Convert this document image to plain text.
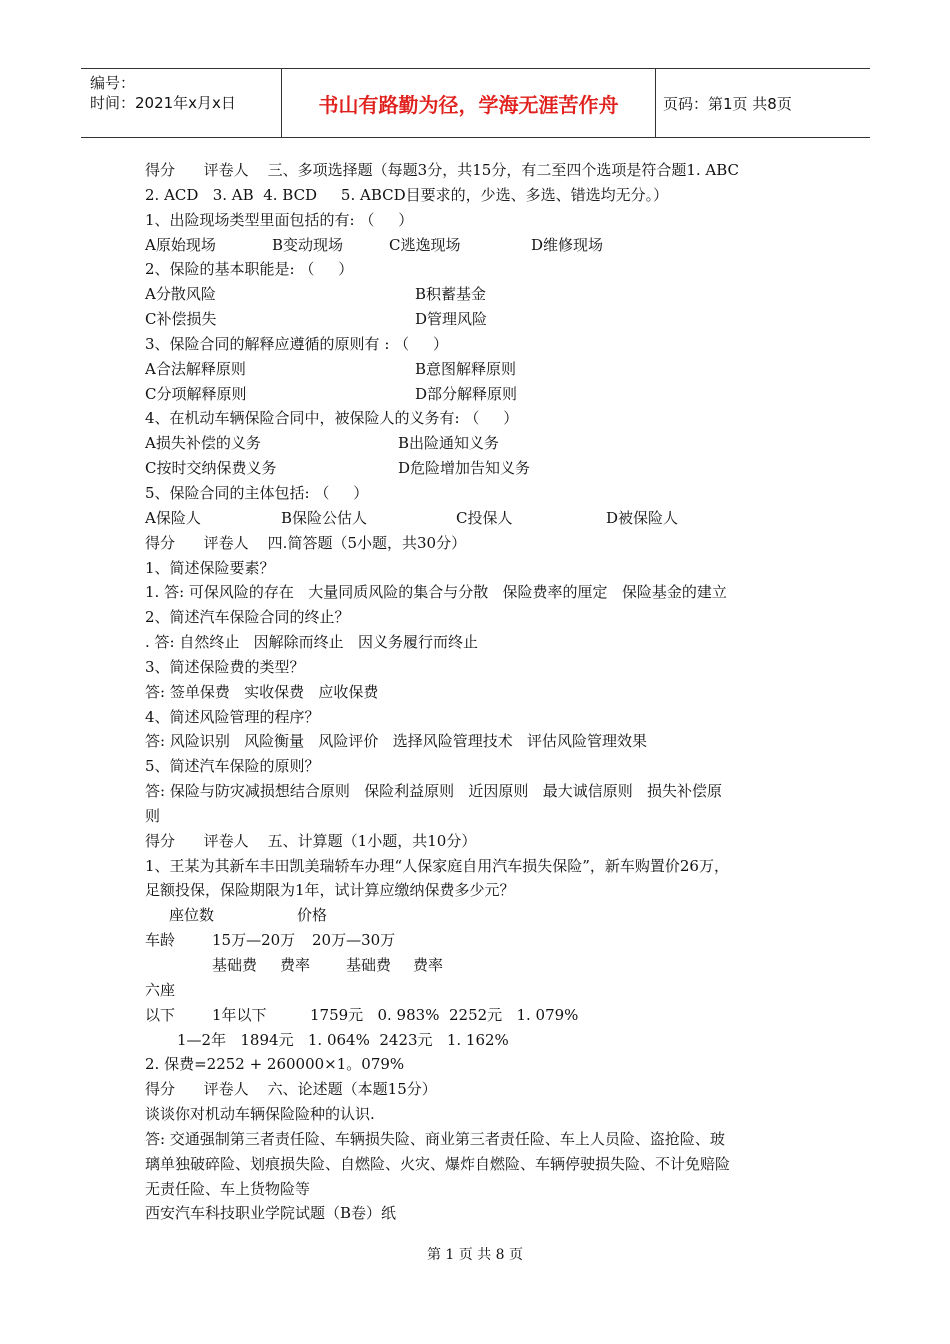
编号：
时间：2021年x月x日	书山有路勤为径，学海无涯苦作舟	页码：第1页 共8页
得分      评卷人    三、多项选择题（每题3分，共15分，有二至四个选项是符合题1. ABC
2. ACD   3. AB  4. BCD     5. ABCD目要求的，少选、多选、错选均无分。）
1、出险现场类型里面包括的有: （     ）
A原始现场	B变动现场	C逃逸现场	D维修现场
2、保险的基本职能是: （     ）
A分散风险	B积蓄基金
C补偿损失	D管理风险
3、保险合同的解释应遵循的原则有 : （     ）
A合法解释原则	B意图解释原则
C分项解释原则	D部分解释原则
4、在机动车辆保险合同中，被保险人的义务有: （     ）
A损失补偿的义务	B出险通知义务
C按时交纳保费义务	D危险增加告知义务
5、保险合同的主体包括: （     ）
A保险人	B保险公估人	C投保人	D被保险人
得分      评卷人    四.简答题（5小题，共30分）
1、简述保险要素？
1. 答: 可保风险的存在   大量同质风险的集合与分散   保险费率的厘定   保险基金的建立
2、简述汽车保险合同的终止？
. 答: 自然终止   因解除而终止   因义务履行而终止
3、简述保险费的类型？
答: 签单保费   实收保费   应收保费
4、简述风险管理的程序？
答: 风险识别   风险衡量   风险评价   选择风险管理技术   评估风险管理效果
5、简述汽车保险的原则？
答: 保险与防灾减损想结合原则   保险利益原则   近因原则   最大诚信原则   损失补偿原
则
得分      评卷人    五、计算题（1小题，共10分）
1、王某为其新车丰田凯美瑞轿车办理“人保家庭自用汽车损失保险”，新车购置价26万，
足额投保，保险期限为1年，试计算应缴纳保费多少元？
座位数	价格
车龄 15万—20万 20万—30万
基础费 费率 基础费 费率
六座
以下 1年以下	1759元   0. 983%  2252元   1. 079%
1—2年   1894元   1. 064%  2423元   1. 162%
2. 保费=2252 + 260000×1。079%
得分      评卷人    六、论述题（本题15分）
谈谈你对机动车辆保险险种的认识.
答: 交通强制第三者责任险、车辆损失险、商业第三者责任险、车上人员险、盗抢险、玻
璃单独破碎险、划痕损失险、自燃险、火灾、爆炸自燃险、车辆停驶损失险、不计免赔险
无责任险、车上货物险等
西安汽车科技职业学院试题（B卷）纸
第 1 页 共 8 页
